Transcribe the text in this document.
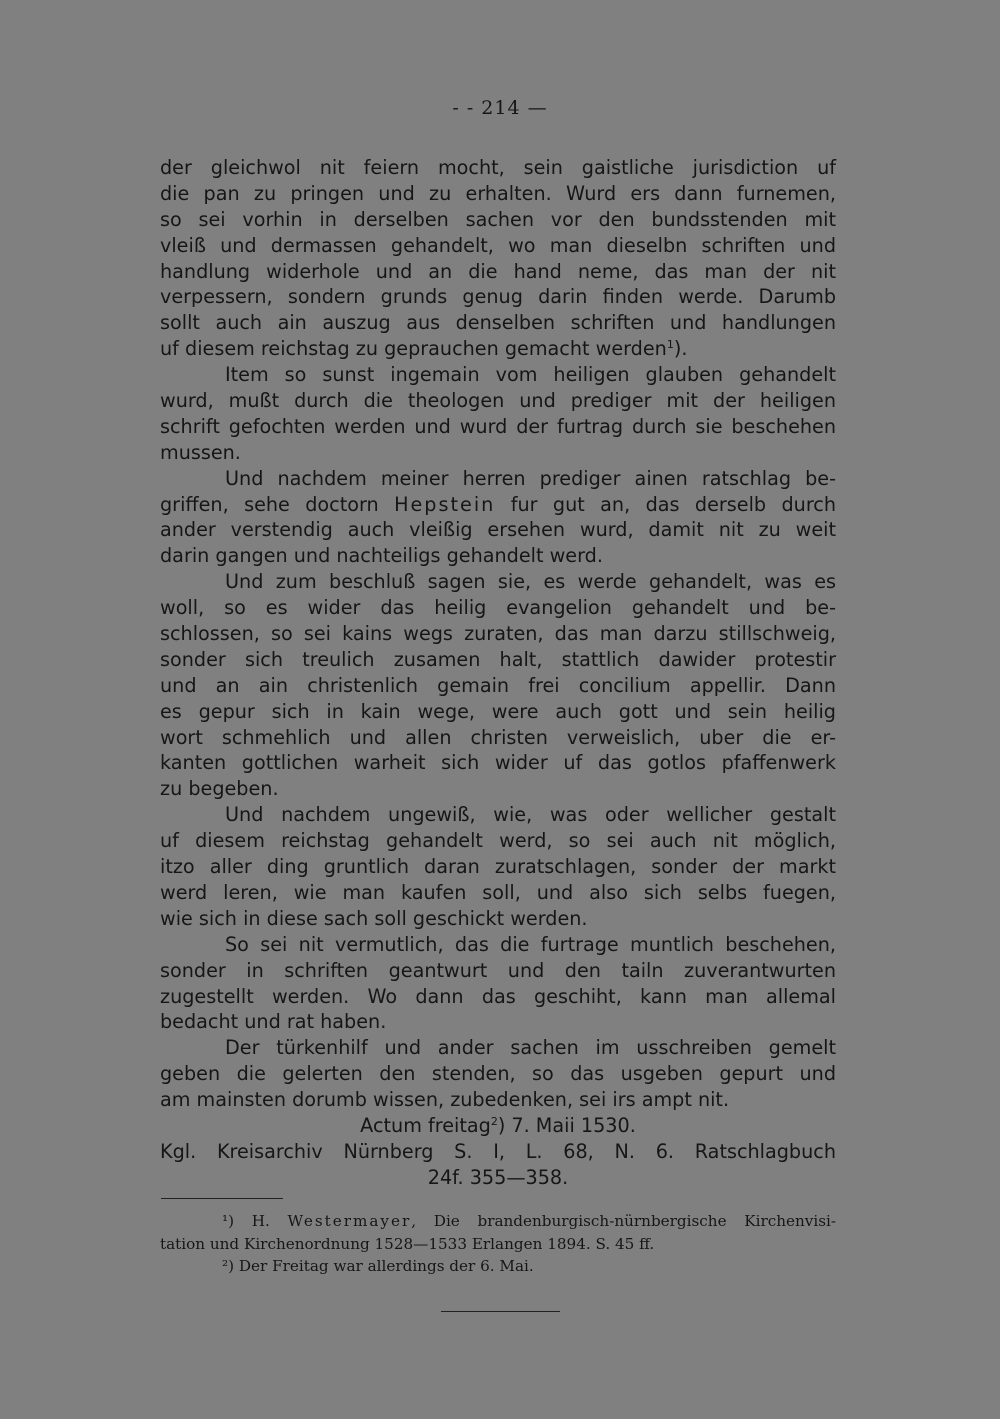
‐ ‐ 214 —
der gleichwol nit feiern mocht, sein gaistliche jurisdiction uf
die pan zu pringen und zu erhalten. Wurd ers dann furnemen,
so sei vorhin in derselben sachen vor den bundsstenden mit
vleiß und dermassen gehandelt, wo man dieselbn schriften und
handlung widerhole und an die hand neme, das man der nit
verpessern, sondern grunds genug darin finden werde. Darumb
sollt auch ain auszug aus denselben schriften und handlungen
uf diesem reichstag zu geprauchen gemacht werden$^1$).
Item so sunst ingemain vom heiligen glauben gehandelt
wurd, mußt durch die theologen und prediger mit der heiligen
schrift gefochten werden und wurd der furtrag durch sie beschehen
mussen.
Und nachdem meiner herren prediger ainen ratschlag be-
griffen, sehe doctorn Hepstein fur gut an, das derselb durch
ander verstendig auch vleißig ersehen wurd, damit nit zu weit
darin gangen und nachteiligs gehandelt werd.
Und zum beschluß sagen sie, es werde gehandelt, was es
woll, so es wider das heilig evangelion gehandelt und be-
schlossen, so sei kains wegs zuraten, das man darzu stillschweig,
sonder sich treulich zusamen halt, stattlich dawider protestir
und an ain christenlich gemain frei concilium appellir. Dann
es gepur sich in kain wege, were auch gott und sein heilig
wort schmehlich und allen christen verweislich, uber die er-
kanten gottlichen warheit sich wider uf das gotlos pfaffenwerk
zu begeben.
Und nachdem ungewiß, wie, was oder wellicher gestalt
uf diesem reichstag gehandelt werd, so sei auch nit möglich,
itzo aller ding gruntlich daran zuratschlagen, sonder der markt
werd leren, wie man kaufen soll, und also sich selbs fuegen,
wie sich in diese sach soll geschickt werden.
So sei nit vermutlich, das die furtrage muntlich beschehen,
sonder in schriften geantwurt und den tailn zuverantwurten
zugestellt werden. Wo dann das geschiht, kann man allemal
bedacht und rat haben.
Der türkenhilf und ander sachen im usschreiben gemelt
geben die gelerten den stenden, so das usgeben gepurt und
am mainsten dorumb wissen, zubedenken, sei irs ampt nit.
Actum freitag$^2$) 7. Maii 1530.
Kgl. Kreisarchiv Nürnberg S. I, L. 68, N. 6. Ratschlagbuch
24f. 355—358.
¹) H. Westermayer, Die brandenburgisch-nürnbergische Kirchenvisi-
tation und Kirchenordnung 1528—1533 Erlangen 1894. S. 45 ff.
²) Der Freitag war allerdings der 6. Mai.
